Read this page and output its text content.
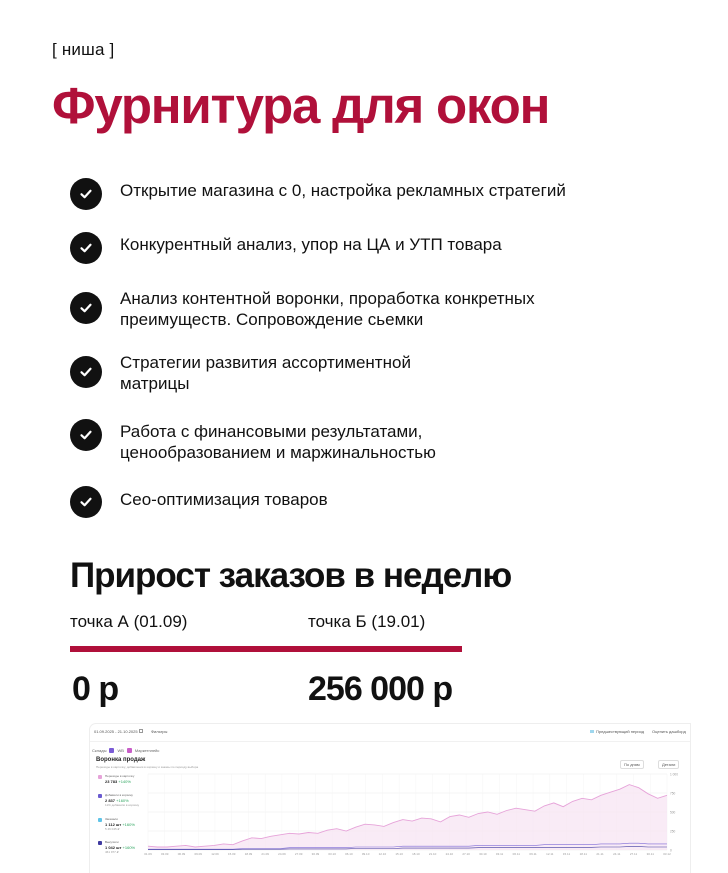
[ ниша ]
Фурнитура для окон
Открытие магазина с 0, настройка рекламных стратегий
Конкурентный анализ, упор на ЦА и УТП товара
Анализ контентной воронки, проработка конкретных
преимуществ. Сопровождение сьемки
Стратегии развития ассортиментной
матрицы
Работа с финансовыми результатами,
ценообразованием и маржинальностью
Сео-оптимизация товаров
Прирост заказов в неделю
точка А (01.09)	точка Б (19.01)
0 р	256 000 р
01.09.2025 - 21.10.2025	Фильтры	Предшествующий период Оценить дашборд
Склады	WB	Маркетплейс
Воронка продаж
Переходы в карточку, добавления в корзину и заказы по периоду выбора	По дням	Детали
Переходы в карточку
23 783 +140%
Добавили в корзину
2 837 +160%
11% добавили в корзину
Заказали
1 112 шт +160%
5 46 045 ₽
Выкупили
1 042 шт +160%
461 977 ₽
1 000
750
500
250
0
01.09	03.09	06.09	09.09	12.09	15.09	18.09	21.09	24.09	27.09	30.09	03.10	06.10	09.10	12.10	15.10	18.10	21.10	24.10	27.10	30.10	03.11	06.11	09.11	12.11	15.11	18.11	21.11	24.11	27.11	30.11	03.12
